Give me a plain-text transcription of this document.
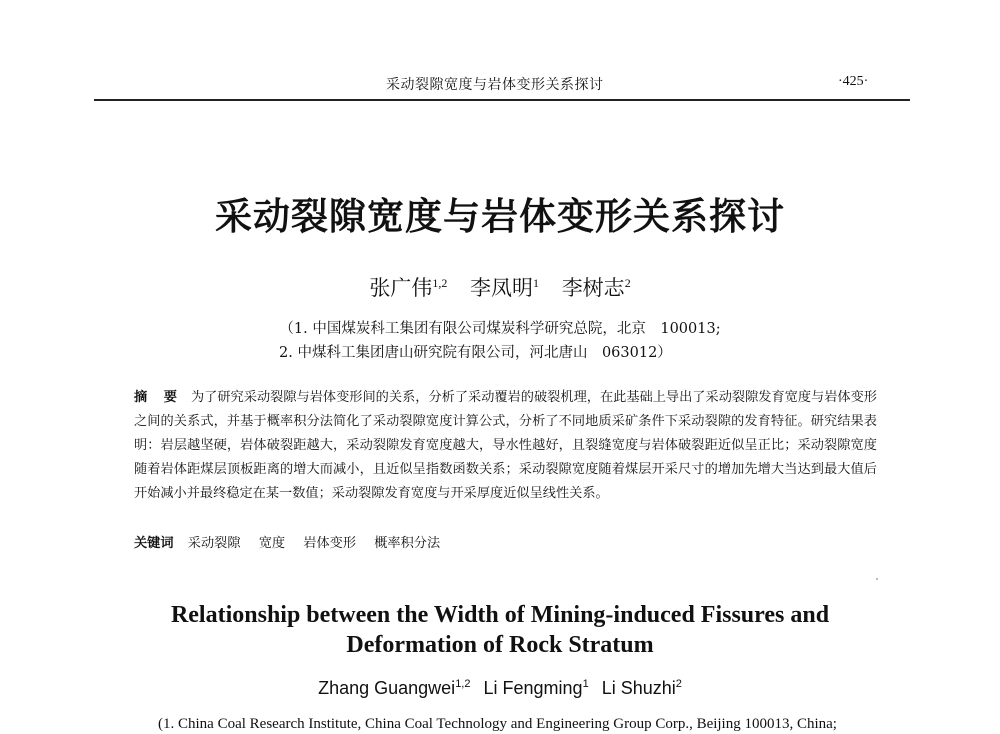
采动裂隙宽度与岩体变形关系探讨	·425·
采动裂隙宽度与岩体变形关系探讨
张广伟$^{1,2}$ 李凤明$^1$ 李树志$^2$
（1. 中国煤炭科工集团有限公司煤炭科学研究总院，北京　100013;
2. 中煤科工集团唐山研究院有限公司，河北唐山　063012）
摘 要 为了研究采动裂隙与岩体变形间的关系，分析了采动覆岩的破裂机理，在此基础上导出了采动裂隙发育宽度与岩体变形之间的关系式，并基于概率积分法简化了采动裂隙宽度计算公式，分析了不同地质采矿条件下采动裂隙的发育特征。研究结果表明：岩层越坚硬，岩体破裂距越大，采动裂隙发育宽度越大，导水性越好，且裂缝宽度与岩体破裂距近似呈正比；采动裂隙宽度随着岩体距煤层顶板距离的增大而减小，且近似呈指数函数关系；采动裂隙宽度随着煤层开采尺寸的增加先增大当达到最大值后开始减小并最终稳定在某一数值；采动裂隙发育宽度与开采厚度近似呈线性关系。
关键词 采动裂隙 宽度 岩体变形 概率积分法
Relationship between the Width of Mining-induced Fissures and
Deformation of Rock Stratum
Zhang Guangwei$^{1,2}$ Li Fengming$^1$ Li Shuzhi$^2$
(1. China Coal Research Institute, China Coal Technology and Engineering Group Corp., Beijing 100013, China;
